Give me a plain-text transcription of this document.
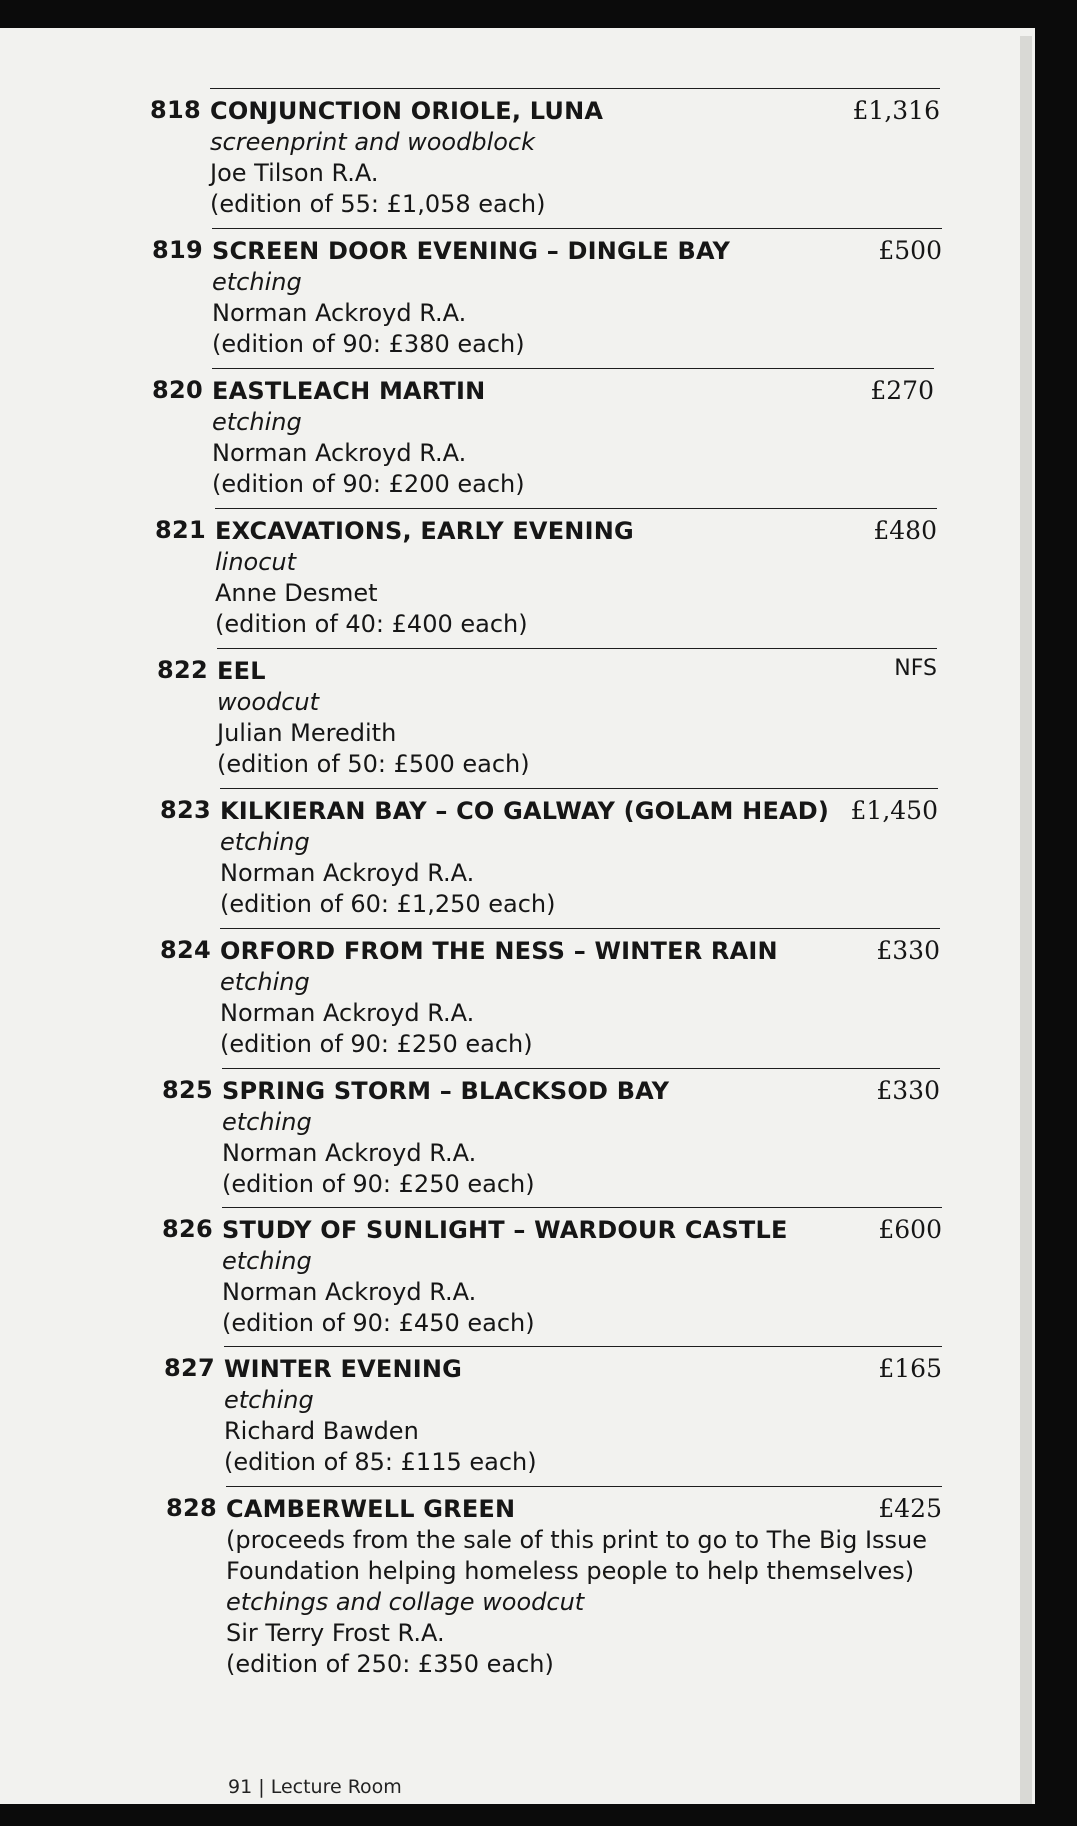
818 CONJUNCTION ORIOLE, LUNA
screenprint and woodblock
Joe Tilson R.A.
(edition of 55: £1,058 each)
£1,316
819 SCREEN DOOR EVENING – DINGLE BAY
etching
Norman Ackroyd R.A.
(edition of 90: £380 each)
£500
820 EASTLEACH MARTIN
etching
Norman Ackroyd R.A.
(edition of 90: £200 each)
£270
821 EXCAVATIONS, EARLY EVENING
linocut
Anne Desmet
(edition of 40: £400 each)
£480
822 EEL
woodcut
Julian Meredith
(edition of 50: £500 each)
NFS
823 KILKIERAN BAY – CO GALWAY (GOLAM HEAD)
etching
Norman Ackroyd R.A.
(edition of 60: £1,250 each)
£1,450
824 ORFORD FROM THE NESS – WINTER RAIN
etching
Norman Ackroyd R.A.
(edition of 90: £250 each)
£330
825 SPRING STORM – BLACKSOD BAY
etching
Norman Ackroyd R.A.
(edition of 90: £250 each)
£330
826 STUDY OF SUNLIGHT – WARDOUR CASTLE
etching
Norman Ackroyd R.A.
(edition of 90: £450 each)
£600
827 WINTER EVENING
etching
Richard Bawden
(edition of 85: £115 each)
£165
828 CAMBERWELL GREEN
(proceeds from the sale of this print to go to The Big Issue
Foundation helping homeless people to help themselves)
etchings and collage woodcut
Sir Terry Frost R.A.
(edition of 250: £350 each)
£425
91 | Lecture Room
